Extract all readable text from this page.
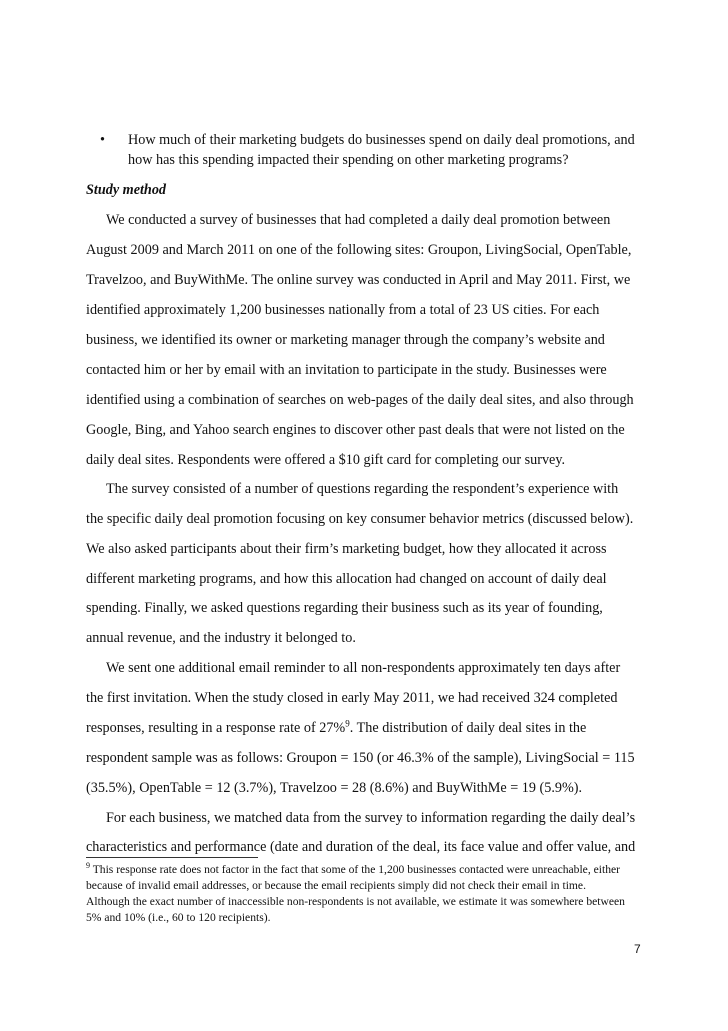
• How much of their marketing budgets do businesses spend on daily deal promotions, and
how has this spending impacted their spending on other marketing programs?
Study method
We conducted a survey of businesses that had completed a daily deal promotion between
August 2009 and March 2011 on one of the following sites: Groupon, LivingSocial, OpenTable,
Travelzoo, and BuyWithMe. The online survey was conducted in April and May 2011. First, we
identified approximately 1,200 businesses nationally from a total of 23 US cities. For each
business, we identified its owner or marketing manager through the company’s website and
contacted him or her by email with an invitation to participate in the study. Businesses were
identified using a combination of searches on web-pages of the daily deal sites, and also through
Google, Bing, and Yahoo search engines to discover other past deals that were not listed on the
daily deal sites. Respondents were offered a $10 gift card for completing our survey.
The survey consisted of a number of questions regarding the respondent’s experience with
the specific daily deal promotion focusing on key consumer behavior metrics (discussed below).
We also asked participants about their firm’s marketing budget, how they allocated it across
different marketing programs, and how this allocation had changed on account of daily deal
spending. Finally, we asked questions regarding their business such as its year of founding,
annual revenue, and the industry it belonged to.
We sent one additional email reminder to all non-respondents approximately ten days after
the first invitation. When the study closed in early May 2011, we had received 324 completed
responses, resulting in a response rate of 27%$^9$. The distribution of daily deal sites in the
respondent sample was as follows: Groupon = 150 (or 46.3% of the sample), LivingSocial = 115
(35.5%), OpenTable = 12 (3.7%), Travelzoo = 28 (8.6%) and BuyWithMe = 19 (5.9%).
For each business, we matched data from the survey to information regarding the daily deal’s
characteristics and performance (date and duration of the deal, its face value and offer value, and
$^9$ This response rate does not factor in the fact that some of the 1,200 businesses contacted were unreachable, either
because of invalid email addresses, or because the email recipients simply did not check their email in time.
Although the exact number of inaccessible non-respondents is not available, we estimate it was somewhere between
5% and 10% (i.e., 60 to 120 recipients).
7
